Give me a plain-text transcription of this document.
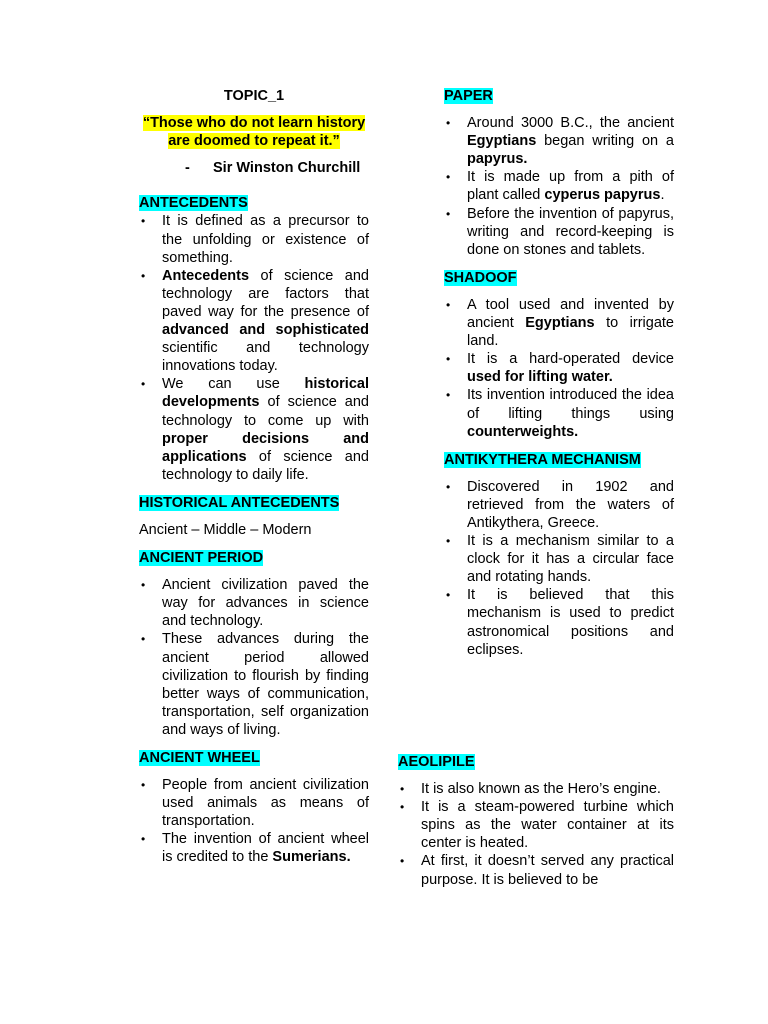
TOPIC_1
“Those who do not learn history are doomed to repeat it.”
-	Sir Winston Churchill
ANTECEDENTS
• It is defined as a precursor to the unfolding or existence of something.
• Antecedents of science and technology are factors that paved way for the presence of advanced and sophisticated scientific and technology innovations today.
• We can use historical developments of science and technology to come up with proper decisions and applications of science and technology to daily life.
HISTORICAL ANTECEDENTS
Ancient – Middle – Modern
ANCIENT PERIOD
• Ancient civilization paved the way for advances in science and technology.
• These advances during the ancient period allowed civilization to flourish by finding better ways of communication, transportation, self organization and ways of living.
ANCIENT WHEEL
• People from ancient civilization used animals as means of transportation.
• The invention of ancient wheel is credited to the Sumerians.
PAPER
• Around 3000 B.C., the ancient Egyptians began writing on a papyrus.
• It is made up from a pith of plant called cyperus papyrus.
• Before the invention of papyrus, writing and record-keeping is done on stones and tablets.
SHADOOF
• A tool used and invented by ancient Egyptians to irrigate land.
• It is a hard-operated device used for lifting water.
• Its invention introduced the idea of lifting things using counterweights.
ANTIKYTHERA MECHANISM
• Discovered in 1902 and retrieved from the waters of Antikythera, Greece.
• It is a mechanism similar to a clock for it has a circular face and rotating hands.
• It is believed that this mechanism is used to predict astronomical positions and eclipses.
AEOLIPILE
• It is also known as the Hero’s engine.
• It is a steam-powered turbine which spins as the water container at its center is heated.
• At first, it doesn’t served any practical purpose. It is believed to be
